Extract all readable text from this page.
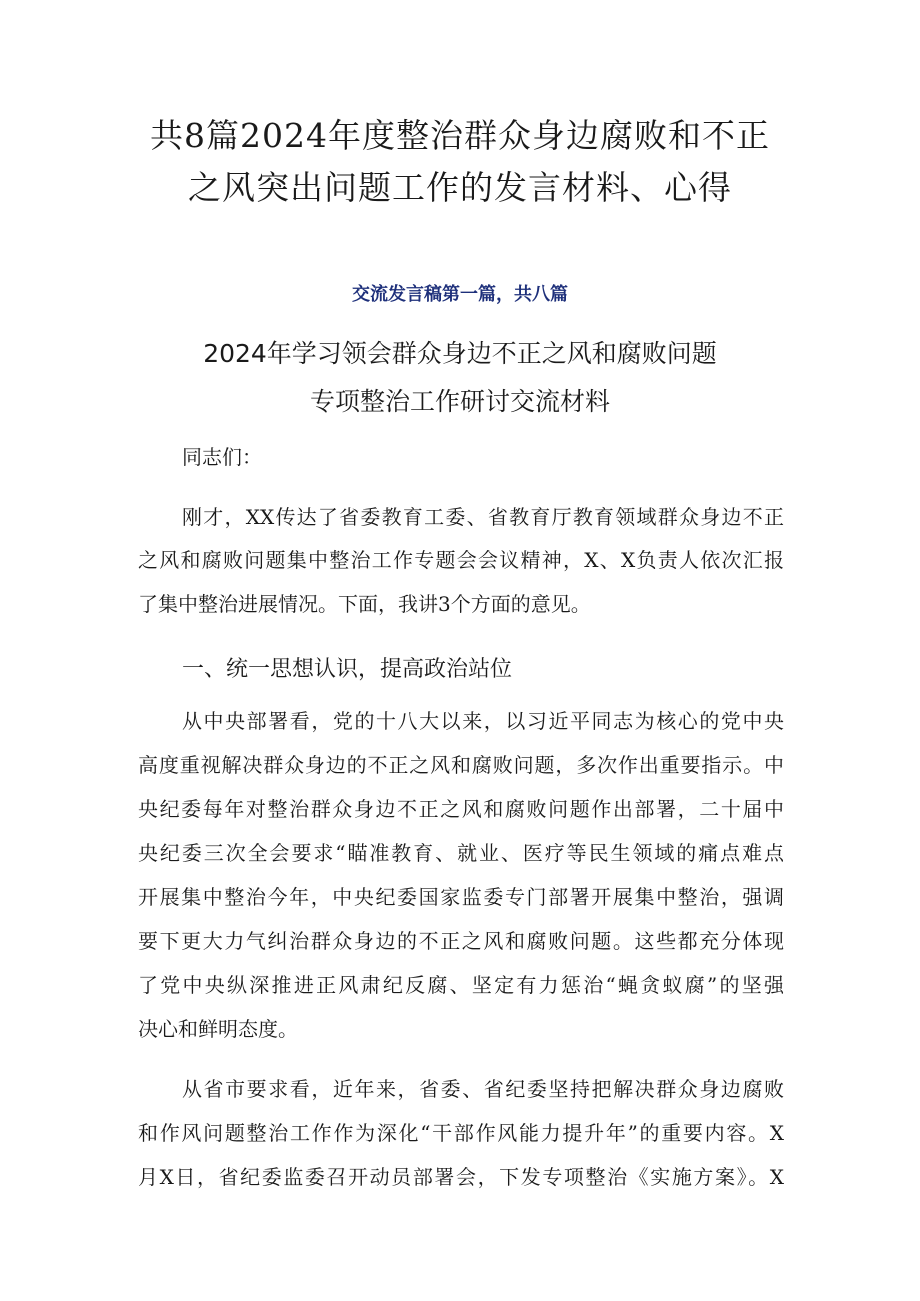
共8篇2024年度整治群众身边腐败和不正
之风突出问题工作的发言材料、心得
交流发言稿第一篇，共八篇
2024年学习领会群众身边不正之风和腐败问题
专项整治工作研讨交流材料

同志们：

刚才，XX传达了省委教育工委、省教育厅教育领域群众身边不正

之风和腐败问题集中整治工作专题会会议精神，X、X负责人依次汇报

了集中整治进展情况。下面，我讲3个方面的意见。

一、统一思想认识，提高政治站位

从中央部署看，党的十八大以来，以习近平同志为核心的党中央

高度重视解决群众身边的不正之风和腐败问题，多次作出重要指示。中

央纪委每年对整治群众身边不正之风和腐败问题作出部署，二十届中

央纪委三次全会要求“瞄准教育、就业、医疗等民生领域的痛点难点

开展集中整治今年，中央纪委国家监委专门部署开展集中整治，强调

要下更大力气纠治群众身边的不正之风和腐败问题。这些都充分体现

了党中央纵深推进正风肃纪反腐、坚定有力惩治“蝇贪蚁腐”的坚强

决心和鲜明态度。

从省市要求看，近年来，省委、省纪委坚持把解决群众身边腐败

和作风问题整治工作作为深化“干部作风能力提升年”的重要内容。X

月X日，省纪委监委召开动员部署会，下发专项整治《实施方案》。X
